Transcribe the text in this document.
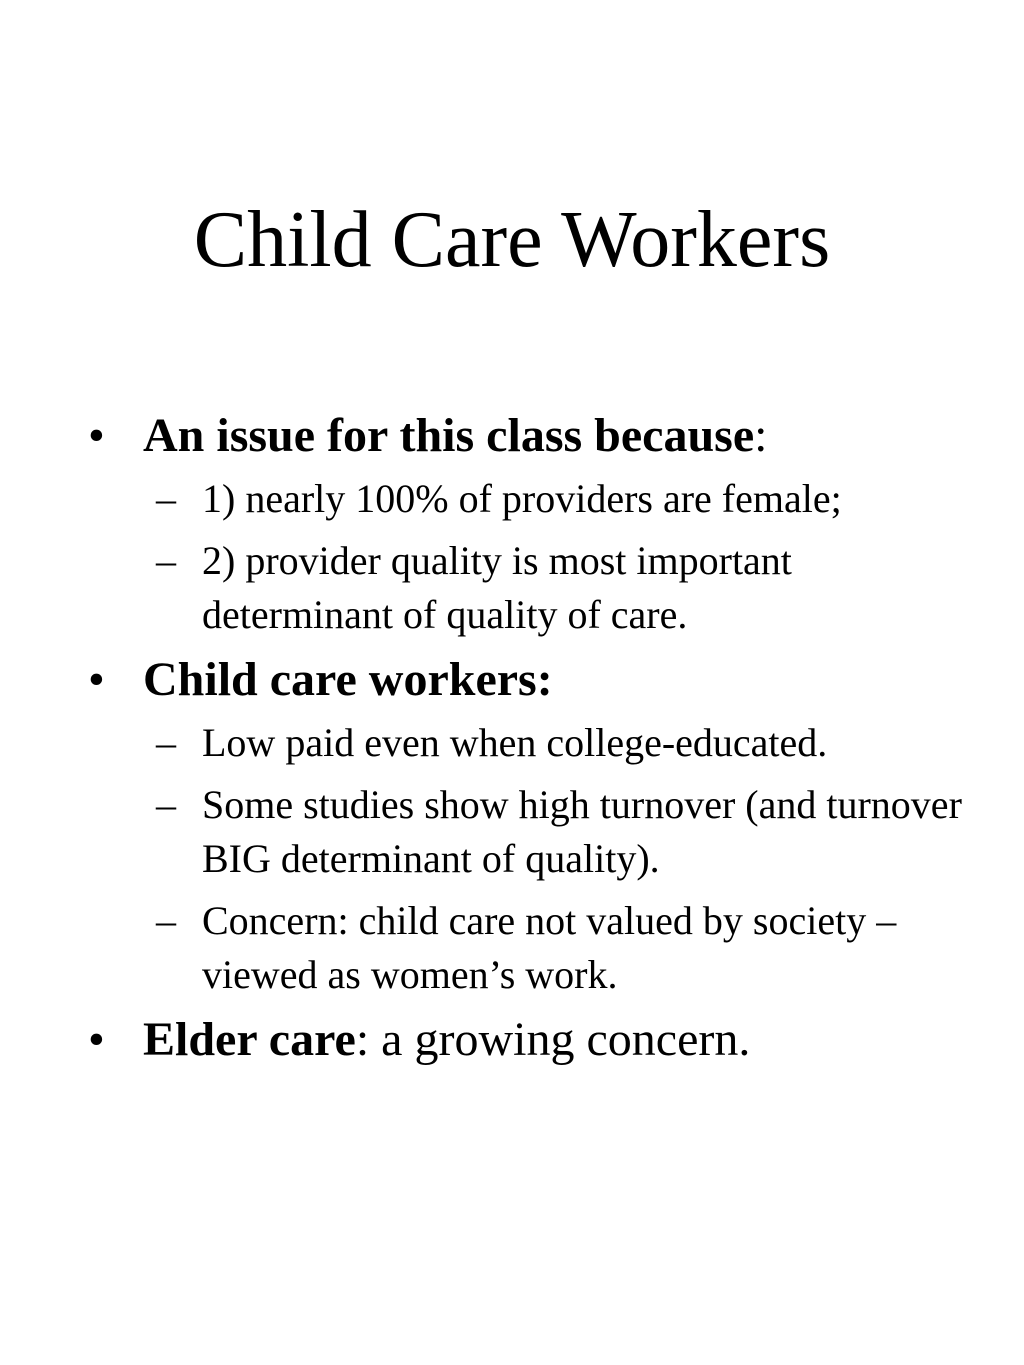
Child Care Workers
• An issue for this class because:
– 1) nearly 100% of providers are female;
– 2) provider quality is most important determinant of quality of care.
• Child care workers:
– Low paid even when college-educated.
– Some studies show high turnover (and turnover BIG determinant of quality).
– Concern: child care not valued by society – viewed as women’s work.
• Elder care: a growing concern.
